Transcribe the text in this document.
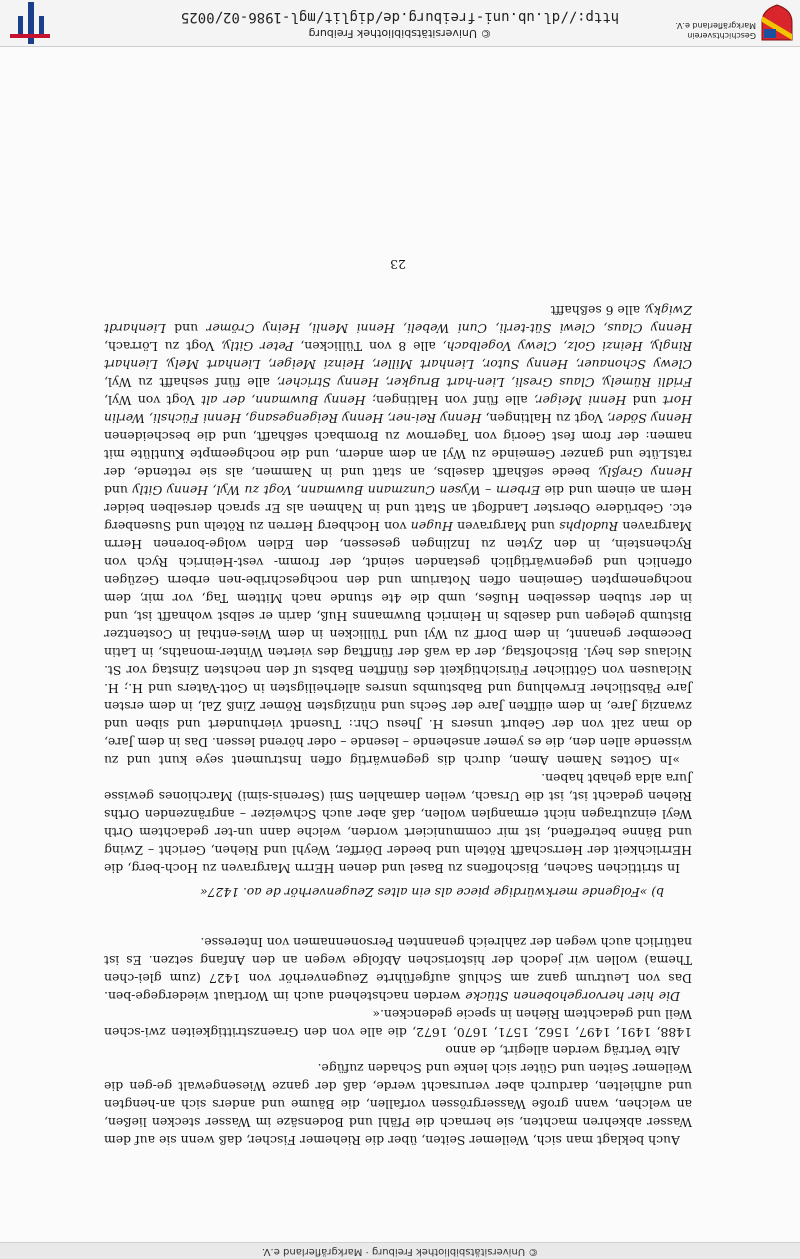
© Universitätsbibliothek Freiburg · Markgräflerland e.V.

Auch beklagt man sich, Weilemer Seiten, über die Riehemer Fischer, daß wenn sie auf dem Wasser abkehren machten, sie hernach die Pfähl und Bodensäze im Wasser stecken ließen, an welchen, wann große Wassergrössen vorfallen, die Bäume und anders sich an-hengten und aufhielten, dardurch aber verursacht werde, daß der ganze Wiesengewalt ge-gen die Weilemer Seiten und Güter sich lenke und Schaden zufüge.

Alte Verträg werden allegirt, de anno

1488, 1491, 1497, 1562, 1571, 1670, 1672, die alle von den Graenzstrittigkeiten zwi-schen Weil und gedachtem Riehen in specie gedencken.«

Die hier hervorgehobenen Stücke werden nachstehend auch im Wortlaut wiedergege-ben. Das von Leutrum ganz am Schluß aufgeführte Zeugenverhör von 1427 (zum glei-chen Thema) wollen wir jedoch der historischen Abfolge wegen an den Anfang setzen. Es ist natürlich auch wegen der zahlreich genannten Personennamen von Interesse.

b) »Folgende merkwürdige piece als ein altes Zeugenverhör de ao. 1427«

In strittichen Sachen, Bischoffens zu Basel und denen HErrn Margraven zu Hoch-berg, die HErrlichkeit der Herrschafft Röteln und beeder Dörffer, Weyhl und Riehen, Gericht – Zwing und Bänne betreffend, ist mir communiciert worden, welche dann un-ter gedachtem Orth Weyl einzutragen nicht ermanglen wollen, daß aber auch Schweizer – angränzenden Orths Riehen gedacht ist, ist die Ursach, weilen damahlen Smi (Serenis-simi) Marchiones gewisse Jura alda gehabt haben.

»In Gottes Namen Amen, durch dis gegenwärtig offen Instrument seye kunt und zu wissende allen den, die es yemer ansehende – lesende – oder hörend lessen. Das in dem Jare, do man zalt von der Geburt unsers H. Jhesu Chr.: Tusendt vierhundert und siben und zwanzig Jare, in dem eilfften Jare der Sechs und nünzigsten Römer Zinß Zal, in dem ersten Jare Päbstlicher Erwehlung und Babstumbs unsres allerheiligsten in Gott-Vaters und H.; H. Niclausen von Göttlicher Fürsichtigkeit des fünfften Babsts uf den nechsten Zinstag vor St. Niclaus des heyl. Bischofstag, der da waß der fünfftag des vierten Winter-monaths, in Latin December genannt, in dem Dorff zu Wyl und Tüllicken in dem Wies-enthal in Costentzer Bistumb gelegen und daselbs in Heinrich Buwmanns Huß, darin er selbst wohnafft ist, und in der stuben desselben Hußes, umb die 4te stunde nach Mittem Tag, vor mir, dem nochgenempten Gemeinen offen Notarium und den nochgeschribe-nen erbern Gezügen offenlich und gegenwärtiglich gestanden seindt, der fromm- vest-Heinrich Rych von Rychenstein, in den Zyten zu Inzlingen gesessen, den Edlen wolge-borenen Herrn Margraven Rudolphs und Margraven Hugen von Hochberg Herren zu Röteln und Susenberg etc. Gebrüdere Oberster Landfogt an Statt und in Nahmen als Er sprach derselben beider Hern an einem und die Erbern – Wysen Cunzmann Buwmann, Vogt zu Wyl, Henny Gitly und Henny Greßly, beede seßhafft daselbs, an statt und in Nammen, als sie rettende, der ratsLüte und ganzer Gemeinde zu Wyl an dem andern, und die nochgeempte Kuntlüte mit namen: der from fest Georig von Tagernow zu Brombach seßhafft, und die bescheidenen Henny Söder, Vogt zu Haltingen, Henny Rei-ner, Henny Reigengesang, Henni Füchsli, Werlin Hort und Henni Meiger, alle fünf von Haltingen; Henny Buwmann, der alt Vogt von Wyl, Fridli Rümely, Claus Gresli, Lien-hart Brugker, Henny Stricher, alle fünf seshafft zu Wyl, Clewy Schonauer, Henny Sutor, Lienhart Miller, Heinzi Meiger, Lienhart Mely, Lienhart Ringly, Heinzi Golz, Clewy Vogelbach, alle 8 von Tüllicken, Peter Gitly, Vogt zu Lörrach, Henny Claus, Clewi Süt-terli, Cuni Webeli, Henni Menli, Heiny Crömer und Lienhardt Zwigky, alle 6 seßhafft

23
Geschichtsverein
Markgräflerland e.V.
© Universitätsbibliothek Freiburg
http://dl.ub.uni-freiburg.de/diglit/mgl-1986-02/0025
